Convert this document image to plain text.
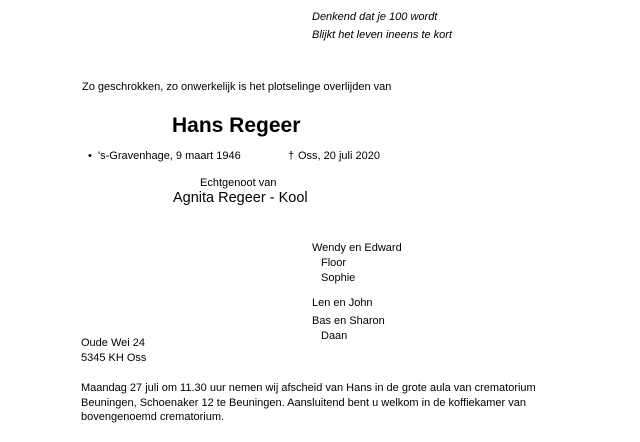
Denkend dat je 100 wordt
Blijkt het leven ineens te kort
Zo geschrokken, zo onwerkelijk is het plotselinge overlijden van
Hans Regeer
• 's-Gravenhage, 9 maart 1946	† Oss, 20 juli 2020
Echtgenoot van
Agnita Regeer - Kool
Wendy en Edward
Floor
Sophie
Len en John
Bas en Sharon
Daan
Oude Wei 24
5345 KH Oss
Maandag 27 juli om 11.30 uur nemen wij afscheid van Hans in de grote aula van crematorium
Beuningen, Schoenaker 12 te Beuningen. Aansluitend bent u welkom in de koffiekamer van
bovengenoemd crematorium.
